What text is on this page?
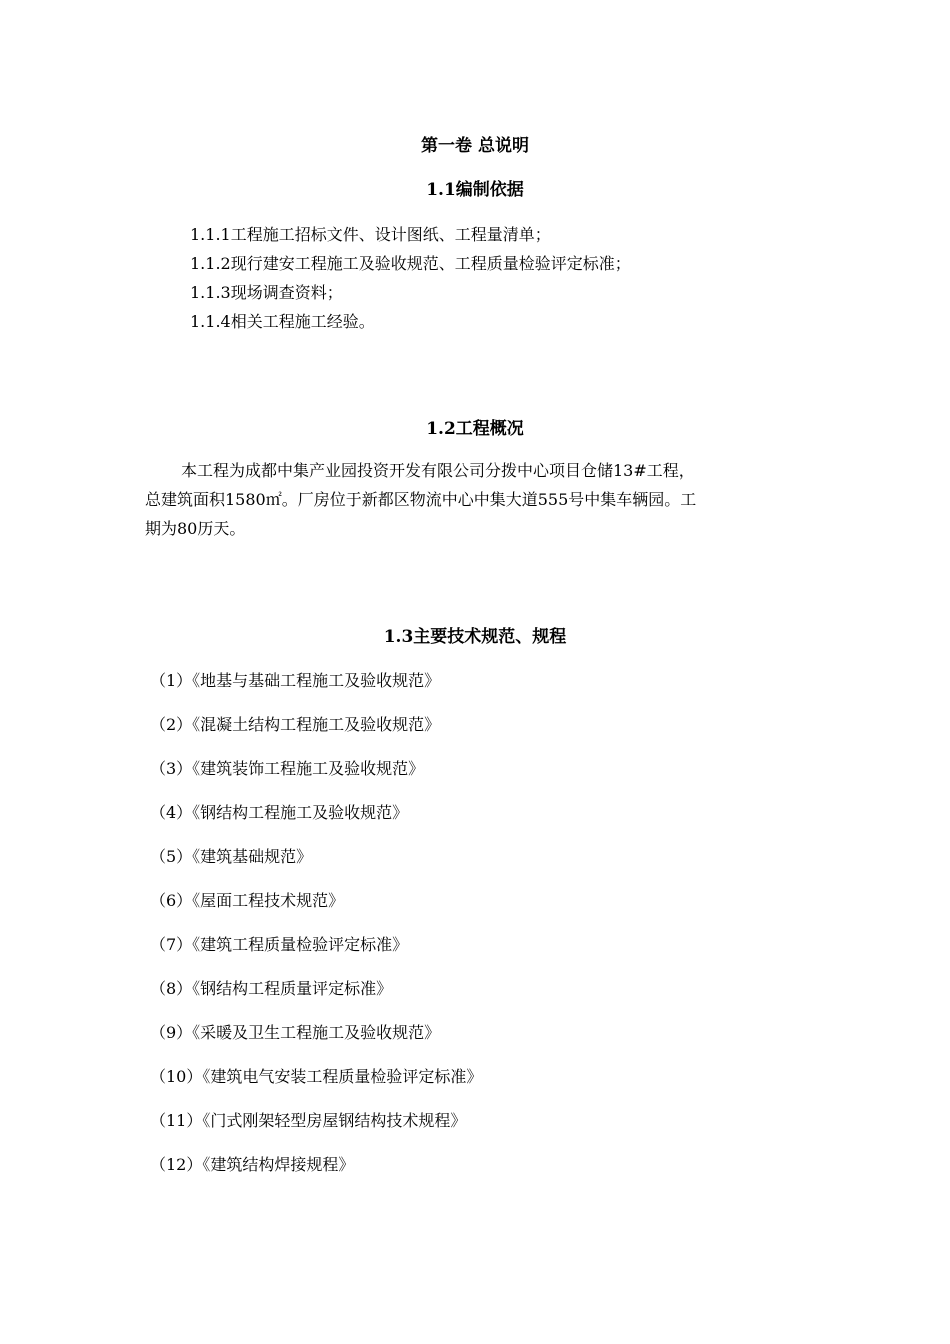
第一卷 总说明
1.1编制依据
1.1.1工程施工招标文件、设计图纸、工程量清单；
1.1.2现行建安工程施工及验收规范、工程质量检验评定标准；
1.1.3现场调查资料；
1.1.4相关工程施工经验。
1.2工程概况
本工程为成都中集产业园投资开发有限公司分拨中心项目仓储13#工程，
总建筑面积1580㎡。厂房位于新都区物流中心中集大道555号中集车辆园。工
期为80历天。
1.3主要技术规范、规程
（1）《地基与基础工程施工及验收规范》
（2）《混凝土结构工程施工及验收规范》
（3）《建筑装饰工程施工及验收规范》
（4）《钢结构工程施工及验收规范》
（5）《建筑基础规范》
（6）《屋面工程技术规范》
（7）《建筑工程质量检验评定标准》
（8）《钢结构工程质量评定标准》
（9）《采暖及卫生工程施工及验收规范》
（10）《建筑电气安装工程质量检验评定标准》
（11）《门式刚架轻型房屋钢结构技术规程》
（12）《建筑结构焊接规程》
